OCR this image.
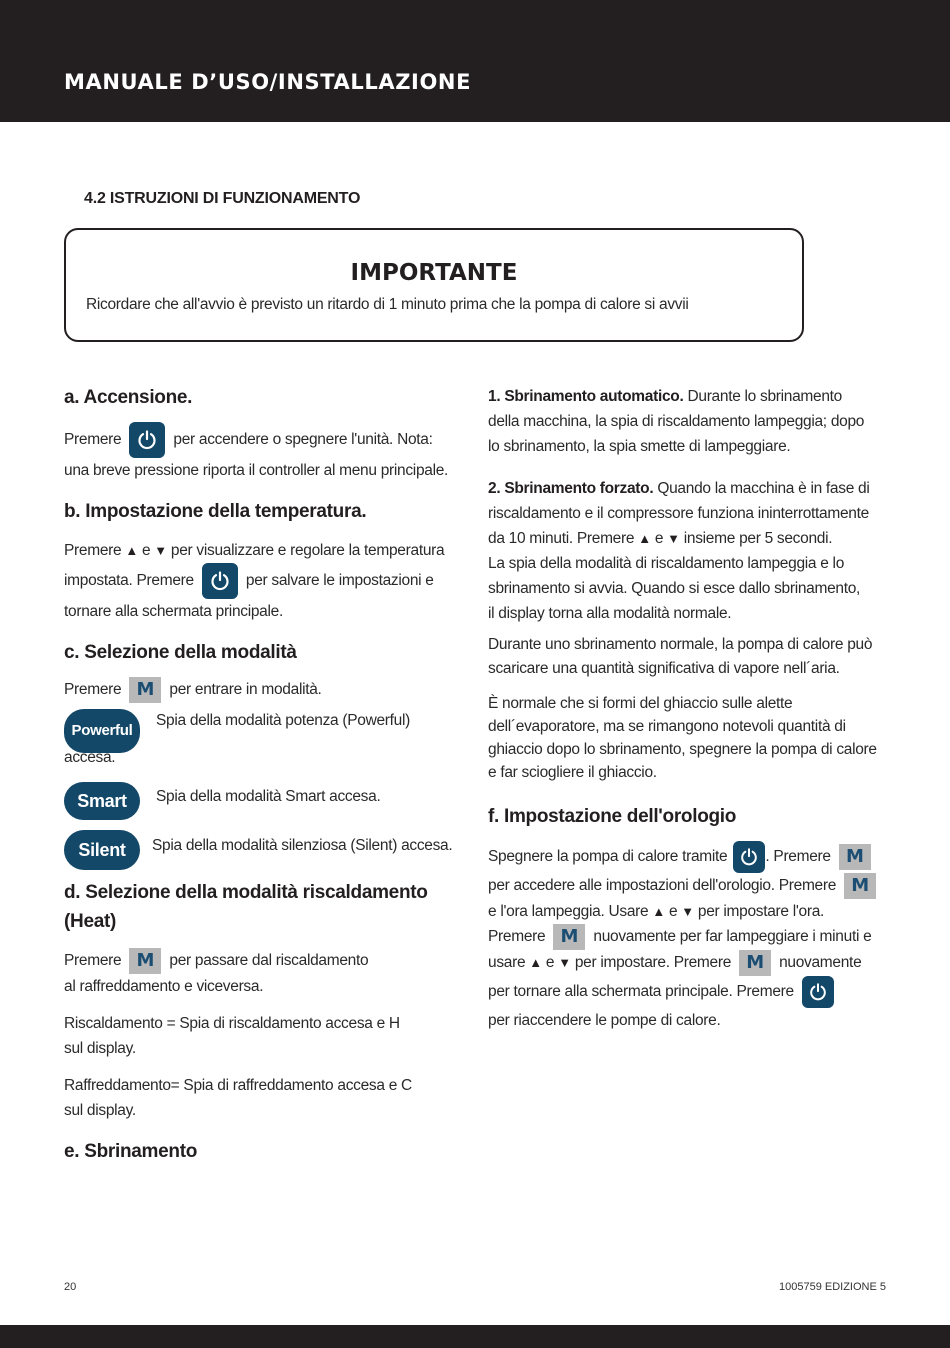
MANUALE D’USO/INSTALLAZIONE
4.2 ISTRUZIONI DI FUNZIONAMENTO
IMPORTANTE
Ricordare che all'avvio è previsto un ritardo di 1 minuto prima che la pompa di calore si avvii
a. Accensione.

Premere	per accendere o spegnere l'unità. Nota:
una breve pressione riporta il controller al menu principale.

b. Impostazione della temperatura.

Premere ▲ e ▼ per visualizzare e regolare la temperatura
impostata. Premere	per salvare le impostazioni e
tornare alla schermata principale.

c. Selezione della modalità

Premere M per entrare in modalità.

Powerful Spia della modalità potenza (Powerful)
accesa.

Smart Spia della modalità Smart accesa.

Silent Spia della modalità silenziosa (Silent) accesa.

d. Selezione della modalità riscaldamento
(Heat)

Premere M per passare dal riscaldamento
al raffreddamento e viceversa.

Riscaldamento = Spia di riscaldamento accesa e H
sul display.

Raffreddamento= Spia di raffreddamento accesa e C
sul display.

e. Sbrinamento

1. Sbrinamento automatico. Durante lo sbrinamento
della macchina, la spia di riscaldamento lampeggia; dopo
lo sbrinamento, la spia smette di lampeggiare.

2. Sbrinamento forzato. Quando la macchina è in fase di
riscaldamento e il compressore funziona ininterrottamente
da 10 minuti. Premere ▲ e ▼ insieme per 5 secondi.
La spia della modalità di riscaldamento lampeggia e lo
sbrinamento si avvia. Quando si esce dallo sbrinamento,
il display torna alla modalità normale.

Durante uno sbrinamento normale, la pompa di calore può
scaricare una quantità significativa di vapore nell´aria.

È normale che si formi del ghiaccio sulle alette
dell´evaporatore, ma se rimangono notevoli quantità di
ghiaccio dopo lo sbrinamento, spegnere la pompa di calore
e far sciogliere il ghiaccio.

f. Impostazione dell'orologio

Spegnere la pompa di calore tramite . Premere M
per accedere alle impostazioni dell'orologio. Premere M
e l'ora lampeggia. Usare ▲ e ▼ per impostare l'ora.
Premere M nuovamente per far lampeggiare i minuti e
usare ▲ e ▼ per impostare. Premere M nuovamente
per tornare alla schermata principale. Premere

per riaccendere le pompe di calore.

20	1005759 EDIZIONE 5
